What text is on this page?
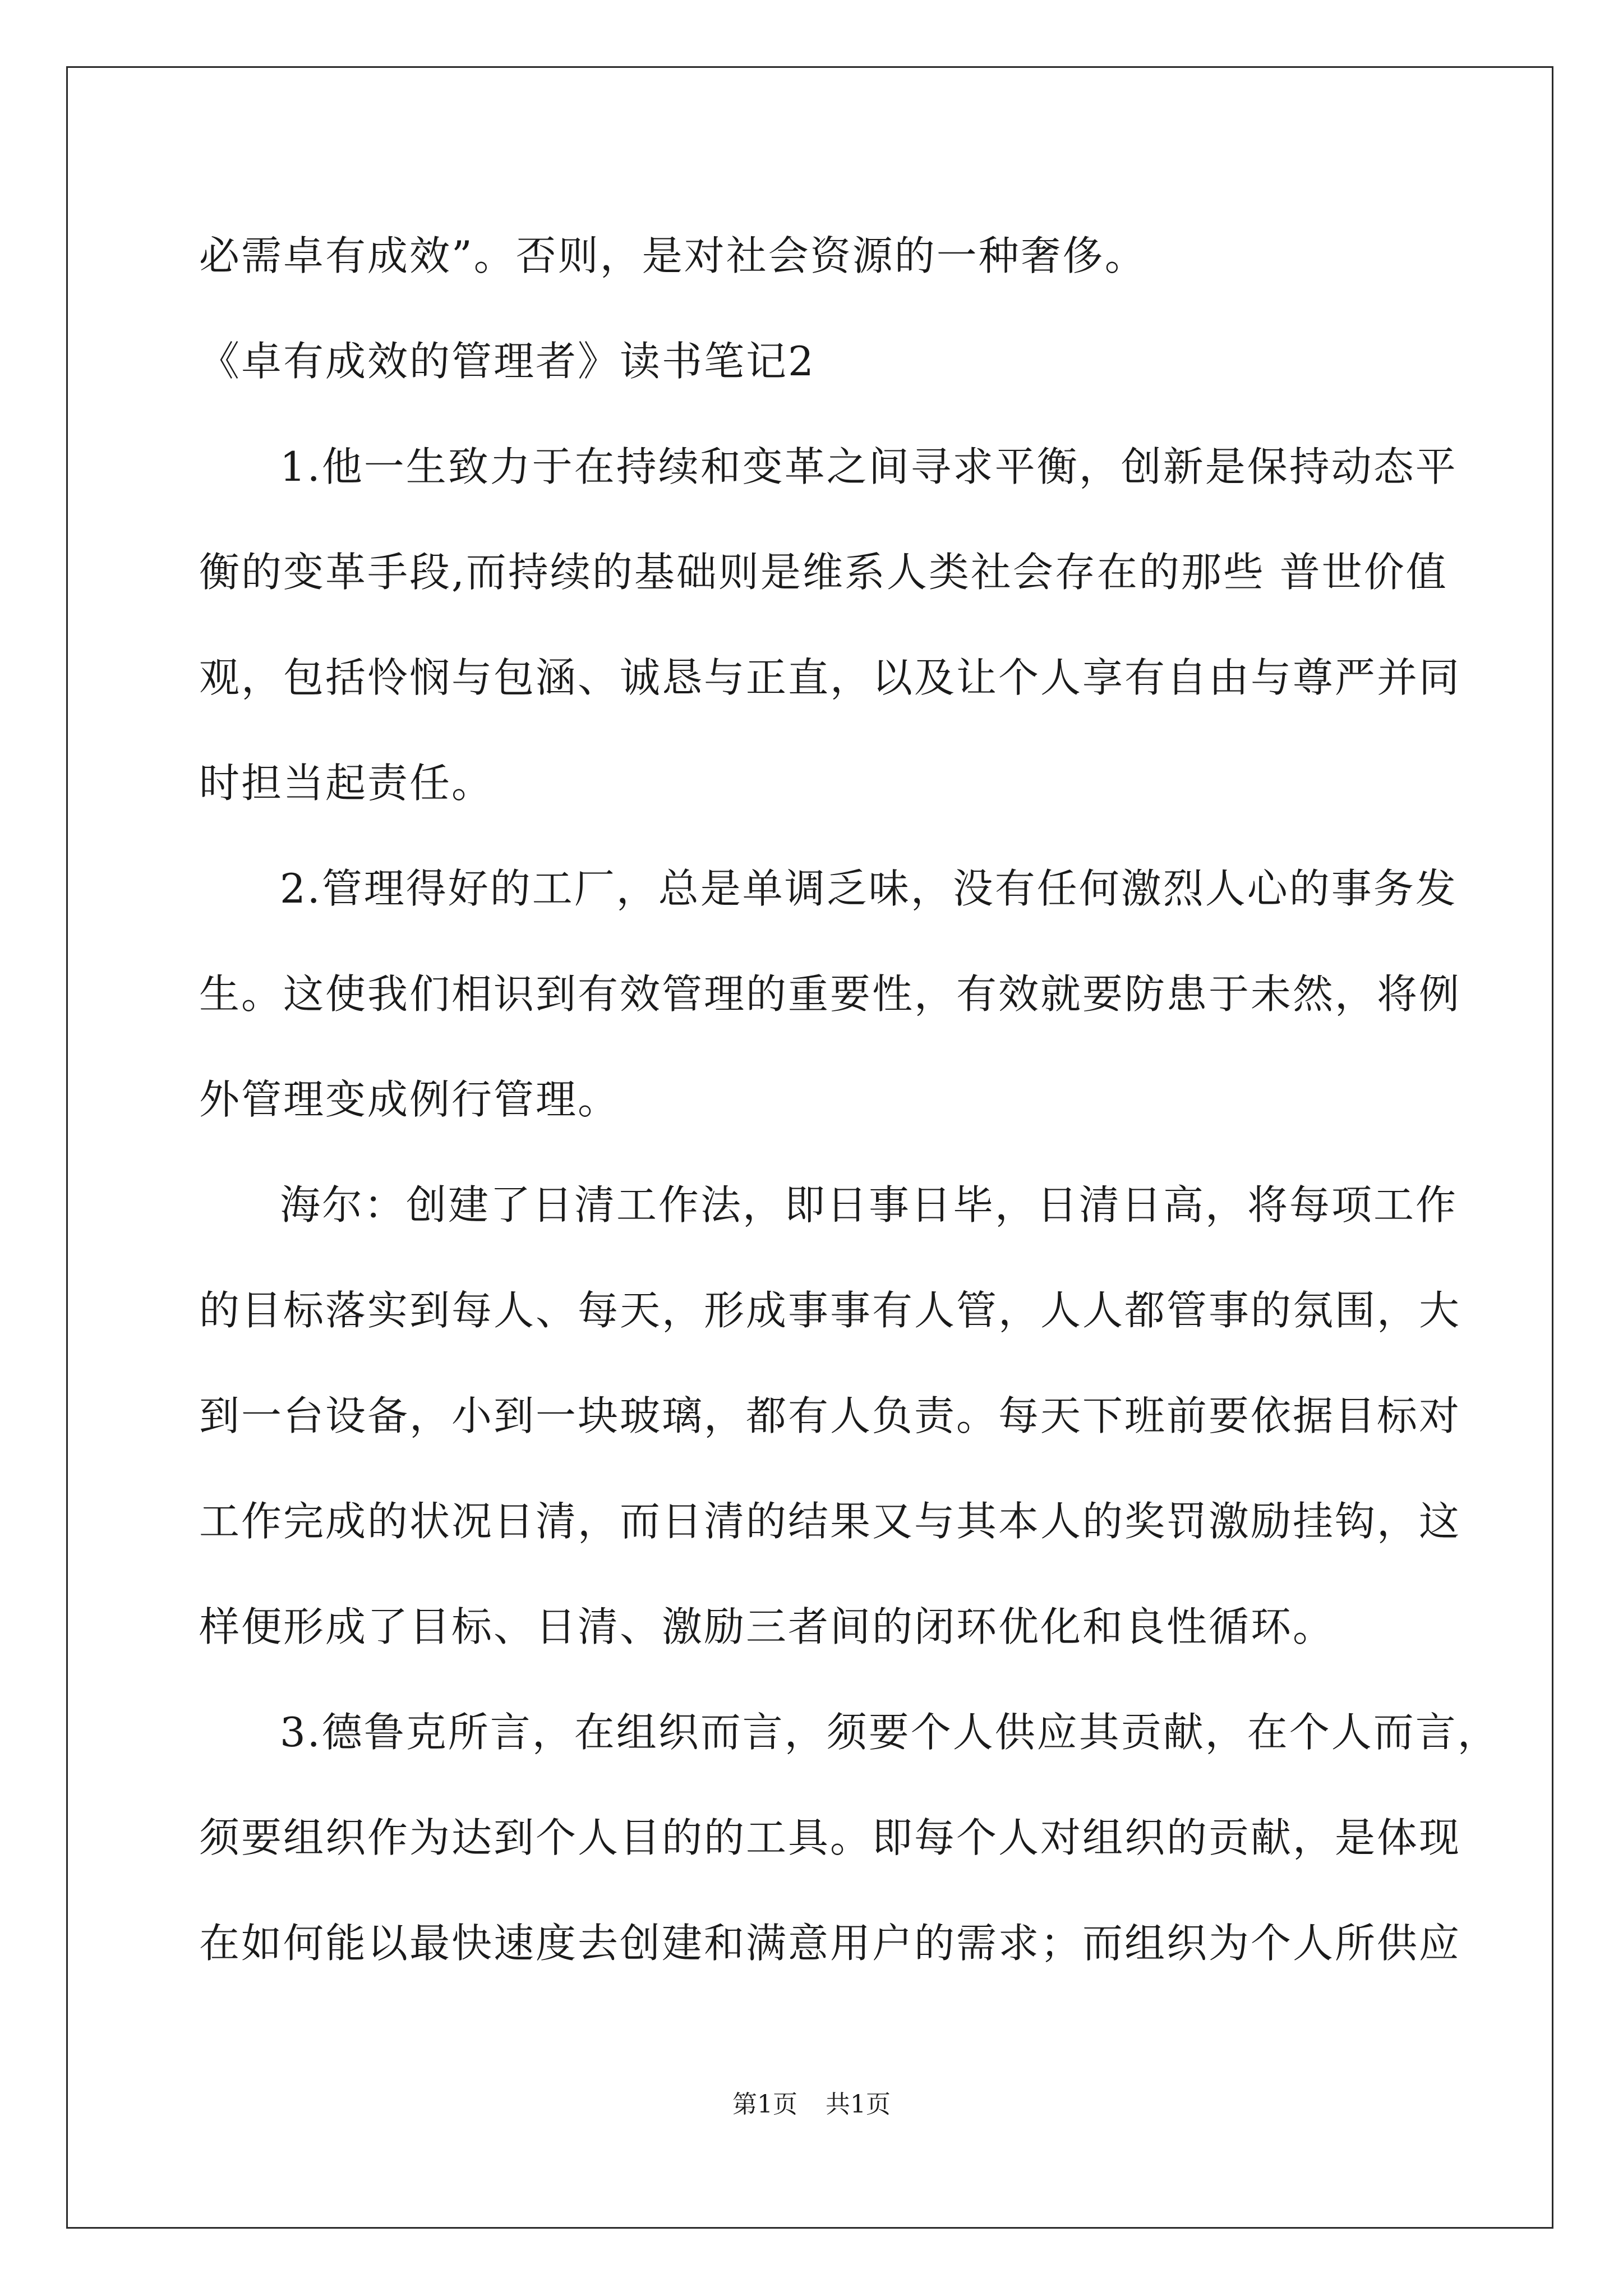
必需卓有成效”。否则，是对社会资源的一种奢侈。
《卓有成效的管理者》读书笔记2
1.他一生致力于在持续和变革之间寻求平衡，创新是保持动态平
衡的变革手段,而持续的基础则是维系人类社会存在的那些 普世价值
观，包括怜悯与包涵、诚恳与正直，以及让个人享有自由与尊严并同
时担当起责任。
2.管理得好的工厂，总是单调乏味，没有任何激烈人心的事务发
生。这使我们相识到有效管理的重要性，有效就要防患于未然，将例
外管理变成例行管理。
海尔：创建了日清工作法，即日事日毕，日清日高，将每项工作
的目标落实到每人、每天，形成事事有人管，人人都管事的氛围，大
到一台设备，小到一块玻璃，都有人负责。每天下班前要依据目标对
工作完成的状况日清，而日清的结果又与其本人的奖罚激励挂钩，这
样便形成了目标、日清、激励三者间的闭环优化和良性循环。
3.德鲁克所言，在组织而言，须要个人供应其贡献，在个人而言，
须要组织作为达到个人目的的工具。即每个人对组织的贡献，是体现
在如何能以最快速度去创建和满意用户的需求；而组织为个人所供应
第1页 共1页
